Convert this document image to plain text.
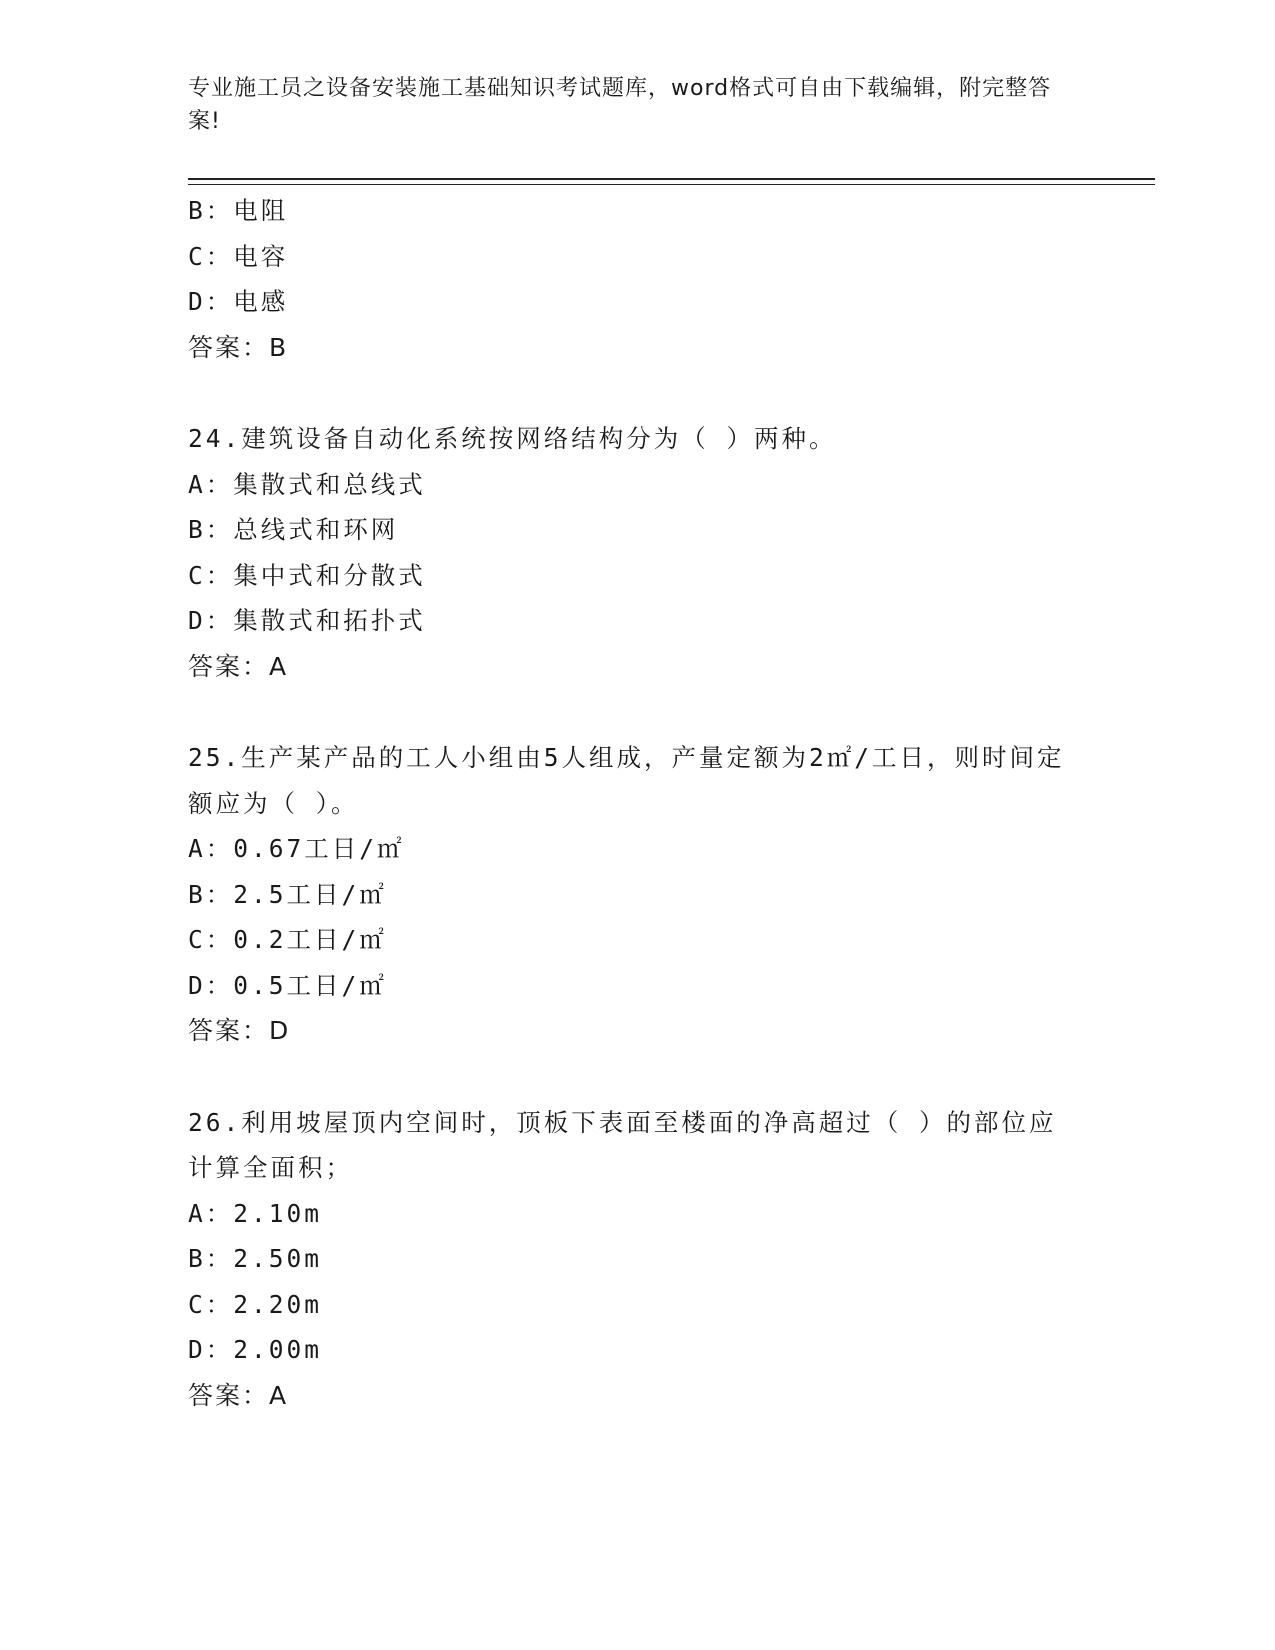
专业施工员之设备安装施工基础知识考试题库，word格式可自由下载编辑，附完整答案!
B：电阻
C：电容
D：电感
答案：B
24.建筑设备自动化系统按网络结构分为（ ）两种。
A：集散式和总线式
B：总线式和环网
C：集中式和分散式
D：集散式和拓扑式
答案：A
25.生产某产品的工人小组由5人组成，产量定额为2㎡/工日，则时间定额应为（ ）。
A：0.67工日/㎡
B：2.5工日/㎡
C：0.2工日/㎡
D：0.5工日/㎡
答案：D
26.利用坡屋顶内空间时，顶板下表面至楼面的净高超过（ ）的部位应计算全面积；
A：2.10m
B：2.50m
C：2.20m
D：2.00m
答案：A
